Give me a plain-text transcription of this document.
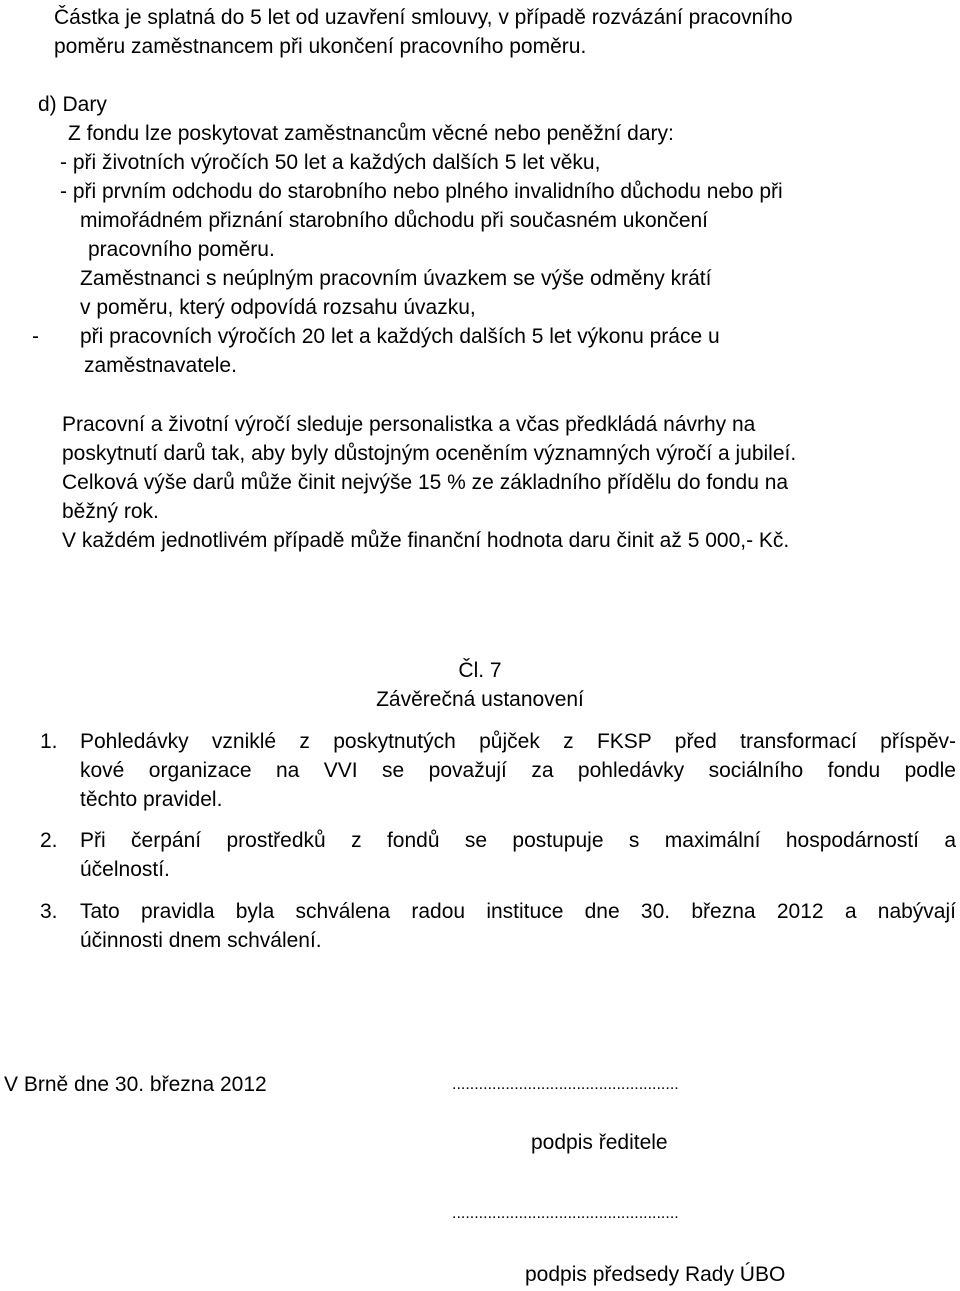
Částka je splatná do 5 let od uzavření smlouvy, v případě rozvázání pracovního
poměru zaměstnancem při ukončení pracovního poměru.
d) Dary
Z fondu lze poskytovat zaměstnancům věcné nebo peněžní dary:
- při životních výročích 50 let a každých dalších 5 let věku,
- při prvním odchodu do starobního nebo plného invalidního důchodu nebo při
mimořádném přiznání starobního důchodu při současném ukončení
pracovního poměru.
Zaměstnanci s neúplným pracovním úvazkem se výše odměny krátí
v poměru, který odpovídá rozsahu úvazku,
- při pracovních výročích 20 let a každých dalších 5 let výkonu práce u
zaměstnavatele.
Pracovní a životní výročí sleduje personalistka a včas předkládá návrhy na
poskytnutí darů tak, aby byly důstojným oceněním významných výročí a jubileí.
Celková výše darů může činit nejvýše 15 % ze základního přídělu do fondu na
běžný rok.
V každém jednotlivém případě může finanční hodnota daru činit až 5 000,- Kč.
Čl. 7
Závěrečná ustanovení
1. Pohledávky vzniklé z poskytnutých půjček z FKSP před transformací příspěv-
kové organizace na VVI se považují za pohledávky sociálního fondu podle
těchto pravidel.
2. Při čerpání prostředků z fondů se postupuje s maximální hospodárností a
účelností.
3. Tato pravidla byla schválena radou instituce dne 30. března 2012 a nabývají
účinnosti dnem schválení.
V Brně dne 30. března 2012	...................................................
podpis ředitele
...................................................
podpis předsedy Rady ÚBO
